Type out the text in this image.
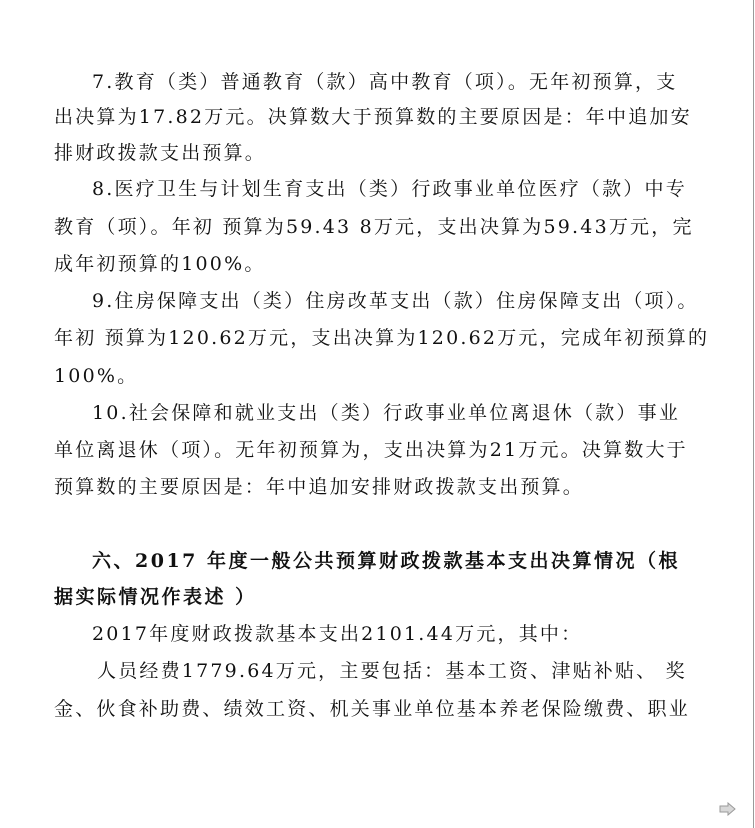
7.教育（类）普通教育（款）高中教育（项）。无年初预算，支
出决算为17.82万元。决算数大于预算数的主要原因是：年中追加安
排财政拨款支出预算。
8.医疗卫生与计划生育支出（类）行政事业单位医疗（款）中专
教育（项）。年初 预算为59.43 8万元，支出决算为59.43万元，完
成年初预算的100%。
9.住房保障支出（类）住房改革支出（款）住房保障支出（项）。
年初 预算为120.62万元，支出决算为120.62万元，完成年初预算的
100%。
10.社会保障和就业支出（类）行政事业单位离退休（款）事业
单位离退休（项）。无年初预算为，支出决算为21万元。决算数大于
预算数的主要原因是：年中追加安排财政拨款支出预算。
六、2017 年度一般公共预算财政拨款基本支出决算情况（根
据实际情况作表述 ）
2017年度财政拨款基本支出2101.44万元，其中：
人员经费1779.64万元，主要包括：基本工资、津贴补贴、 奖
金、伙食补助费、绩效工资、机关事业单位基本养老保险缴费、职业
